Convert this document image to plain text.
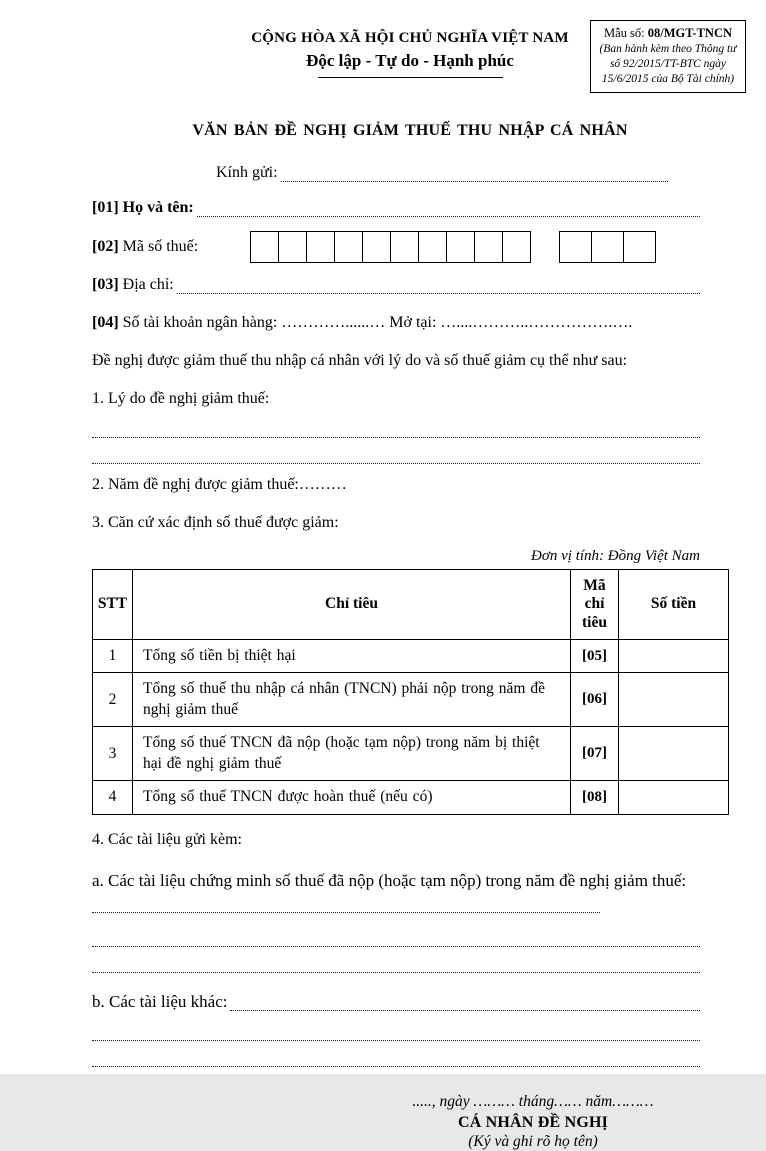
Mẫu số: 08/MGT-TNCN
(Ban hành kèm theo Thông tư số 92/2015/TT-BTC ngày 15/6/2015 của Bộ Tài chính)
CỘNG HÒA XÃ HỘI CHỦ NGHĨA VIỆT NAM
Độc lập - Tự do - Hạnh phúc
VĂN BẢN ĐỀ NGHỊ GIẢM THUẾ THU NHẬP CÁ NHÂN
Kính gửi:
[01] Họ và tên:
[02] Mã số thuế:
[03] Địa chỉ:
[04] Số tài khoản ngân hàng: …………......… Mở tại: …....………..…………….….
Đề nghị được giảm thuế thu nhập cá nhân với lý do và số thuế giảm cụ thể như sau:
1. Lý do đề nghị giảm thuế:
2. Năm đề nghị được giảm thuế:………
3. Căn cứ xác định số thuế được giảm:
Đơn vị tính: Đồng Việt Nam
STT	Chỉ tiêu	Mã chỉ tiêu	Số tiền
1	Tổng số tiền bị thiệt hại	[05]	
2	Tổng số thuế thu nhập cá nhân (TNCN) phải nộp trong năm đề nghị giảm thuế	[06]	
3	Tổng số thuế TNCN đã nộp (hoặc tạm nộp) trong năm bị thiệt hại đề nghị giảm thuế	[07]	
4	Tổng số thuế TNCN được hoàn thuế (nếu có)	[08]	
4. Các tài liệu gửi kèm:
a. Các tài liệu chứng minh số thuế đã nộp (hoặc tạm nộp) trong năm đề nghị giảm thuế:
b. Các tài liệu khác:
....., ngày ……… tháng…… năm………
CÁ NHÂN ĐỀ NGHỊ
(Ký và ghi rõ họ tên)
